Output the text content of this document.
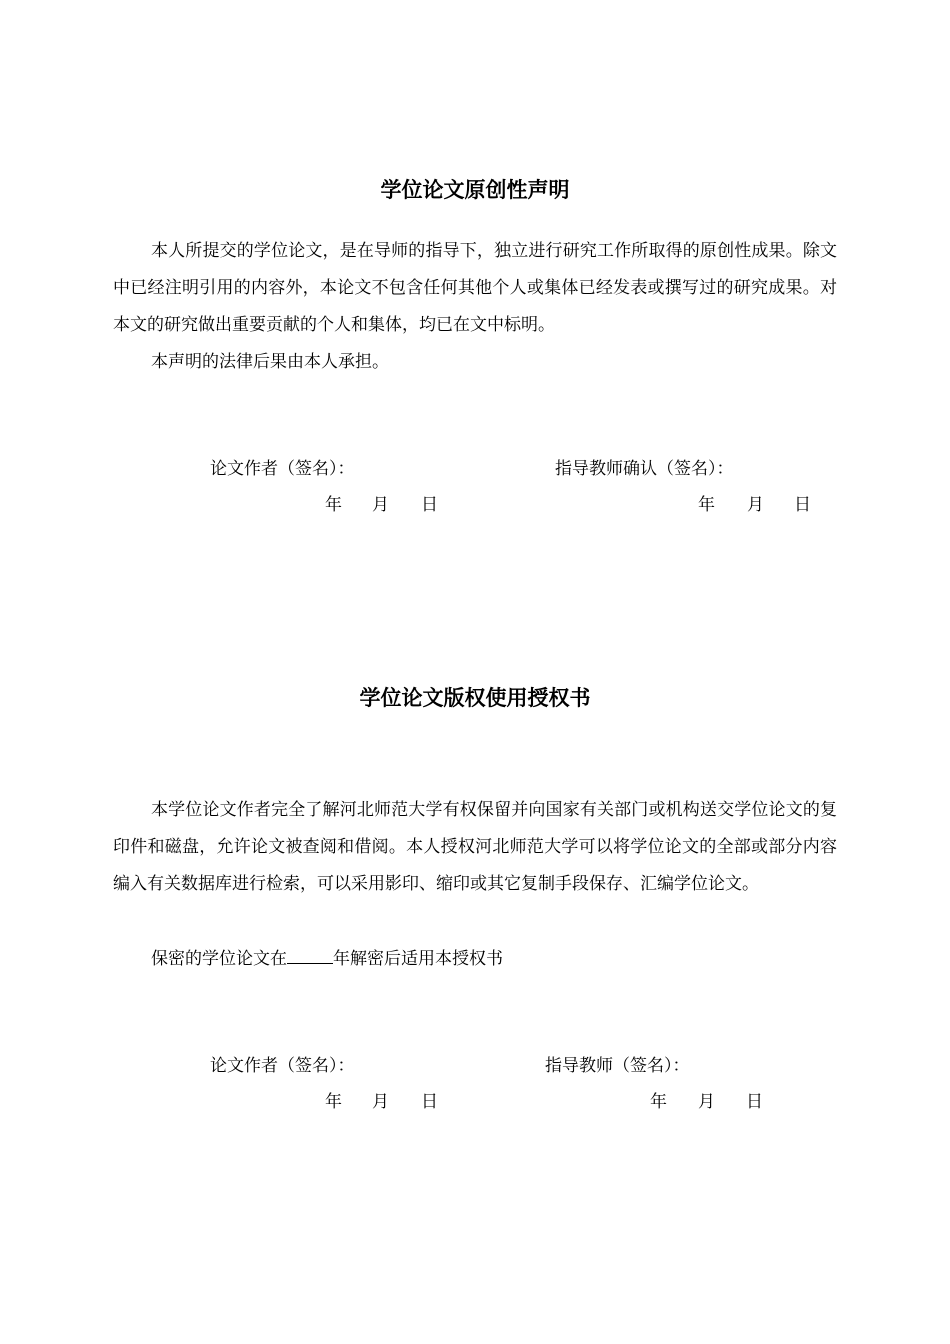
学位论文原创性声明

本人所提交的学位论文，是在导师的指导下，独立进行研究工作所取得的原创性成果。除文中已经注明引用的内容外，本论文不包含任何其他个人或集体已经发表或撰写过的研究成果。对本文的研究做出重要贡献的个人和集体，均已在文中标明。

本声明的法律后果由本人承担。

论文作者（签名）：	指导教师确认（签名）：

年 月 日	年 月 日
学位论文版权使用授权书

本学位论文作者完全了解河北师范大学有权保留并向国家有关部门或机构送交学位论文的复印件和磁盘，允许论文被查阅和借阅。本人授权河北师范大学可以将学位论文的全部或部分内容编入有关数据库进行检索，可以采用影印、缩印或其它复制手段保存、汇编学位论文。

保密的学位论文在	年解密后适用本授权书

论文作者（签名）：	指导教师（签名）：

年 月 日	年 月 日
